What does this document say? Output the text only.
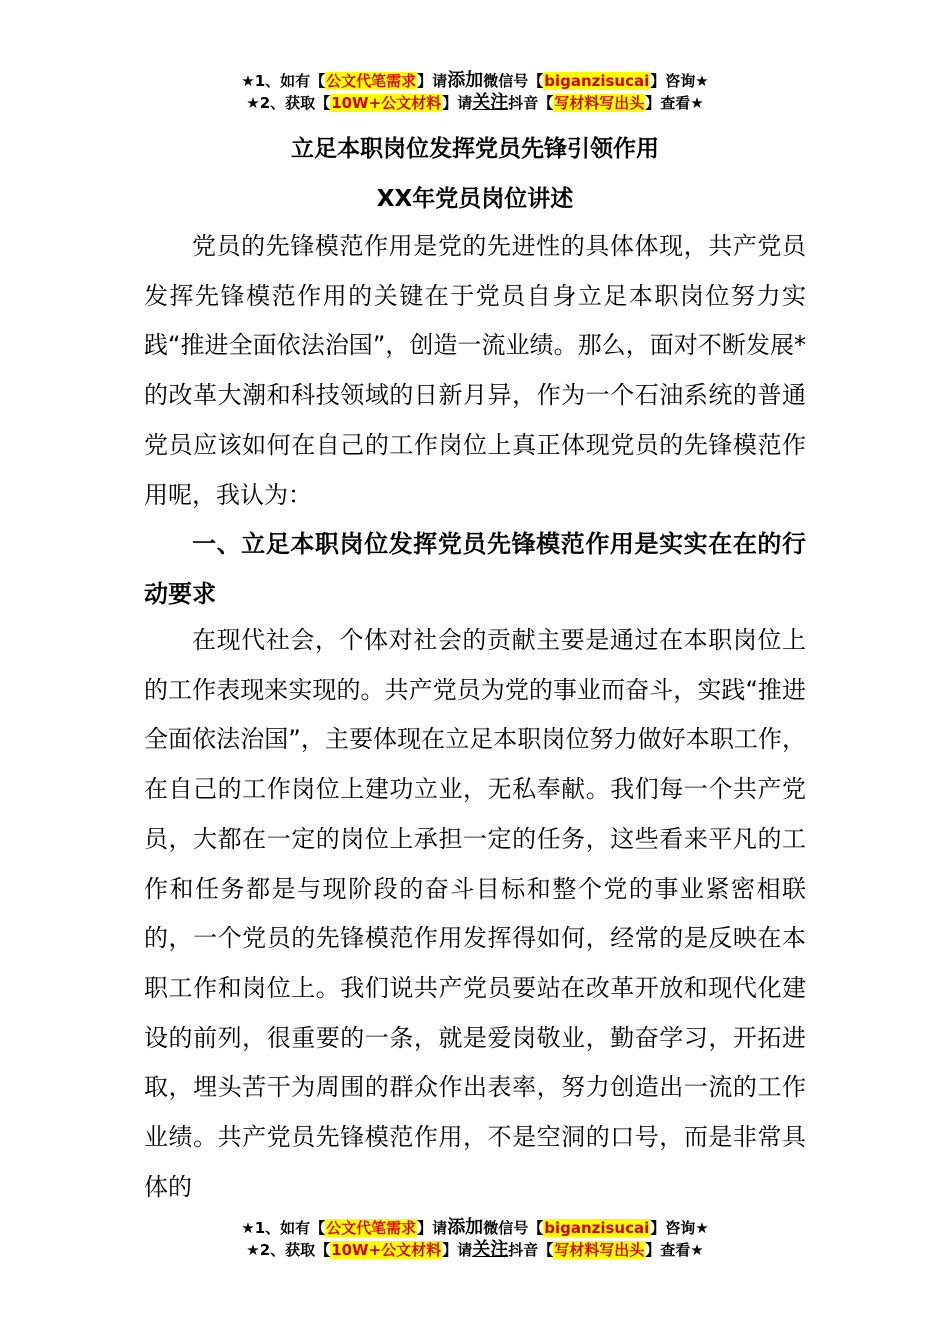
★1、如有【公文代笔需求】请添加微信号【biganzisucai】咨询★
★2、获取【10W+公文材料】请关注抖音【写材料写出头】查看★
立足本职岗位发挥党员先锋引领作用
XX年党员岗位讲述

党员的先锋模范作用是党的先进性的具体体现，共产党员发挥先锋模范作用的关键在于党员自身立足本职岗位努力实践“推进全面依法治国”，创造一流业绩。那么，面对不断发展*的改革大潮和科技领域的日新月异，作为一个石油系统的普通党员应该如何在自己的工作岗位上真正体现党员的先锋模范作用呢，我认为：

一、立足本职岗位发挥党员先锋模范作用是实实在在的行动要求

在现代社会，个体对社会的贡献主要是通过在本职岗位上的工作表现来实现的。共产党员为党的事业而奋斗，实践“推进全面依法治国”，主要体现在立足本职岗位努力做好本职工作，在自己的工作岗位上建功立业，无私奉献。我们每一个共产党员，大都在一定的岗位上承担一定的任务，这些看来平凡的工作和任务都是与现阶段的奋斗目标和整个党的事业紧密相联的，一个党员的先锋模范作用发挥得如何，经常的是反映在本职工作和岗位上。我们说共产党员要站在改革开放和现代化建设的前列，很重要的一条，就是爱岗敬业，勤奋学习，开拓进取，埋头苦干为周围的群众作出表率，努力创造出一流的工作业绩。共产党员先锋模范作用，不是空洞的口号，而是非常具体的

★1、如有【公文代笔需求】请添加微信号【biganzisucai】咨询★
★2、获取【10W+公文材料】请关注抖音【写材料写出头】查看★
